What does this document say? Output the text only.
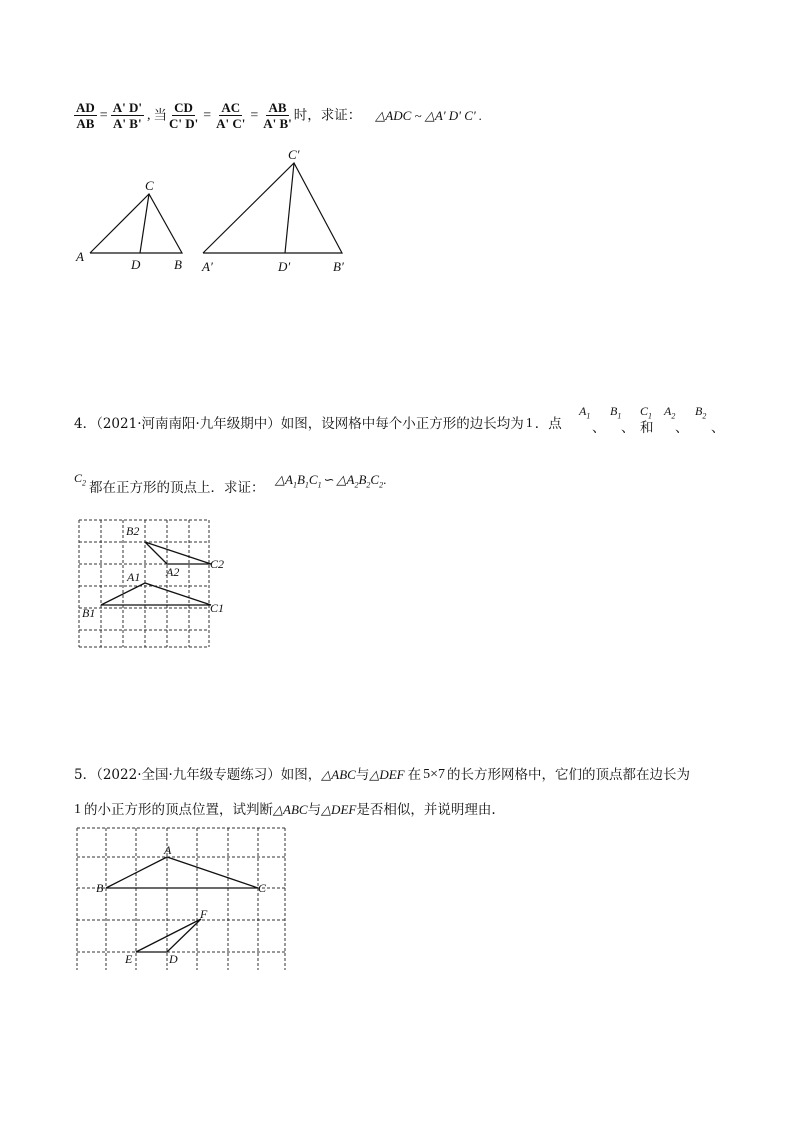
$\frac{AD}{AB} = \frac{A' D'}{A' B'}$ , 当 $\frac{CD}{C' D'} = \frac{AC}{A' C'} = \frac{AB}{A' B'}$ 时，求证： △ADC ~ △A' D' C' .
A
C
D	B A′
C′
D′	B′
4．（2021·河南南阳·九年级期中）如图，设网格中每个小正方形的边长均为 1 ．点
$A_1$
、
$B_1$
、
$C_1$
和
$A_2$
、
$B_2$
、
$C_2$ 都在正方形的顶点上．求证：
$\triangle A_1B_1C_1$ ∽ $\triangle A_2B_2C_2$.
B2
A2
C2
A1
B1	C1
5．（2022·全国·九年级专题练习）如图，△ABC与△DEF 在 5×7 的长方形网格中，它们的顶点都在边长为
1 的小正方形的顶点位置，试判断△ABC与△DEF是否相似，并说明理由.
A
B	C
F
E	D
